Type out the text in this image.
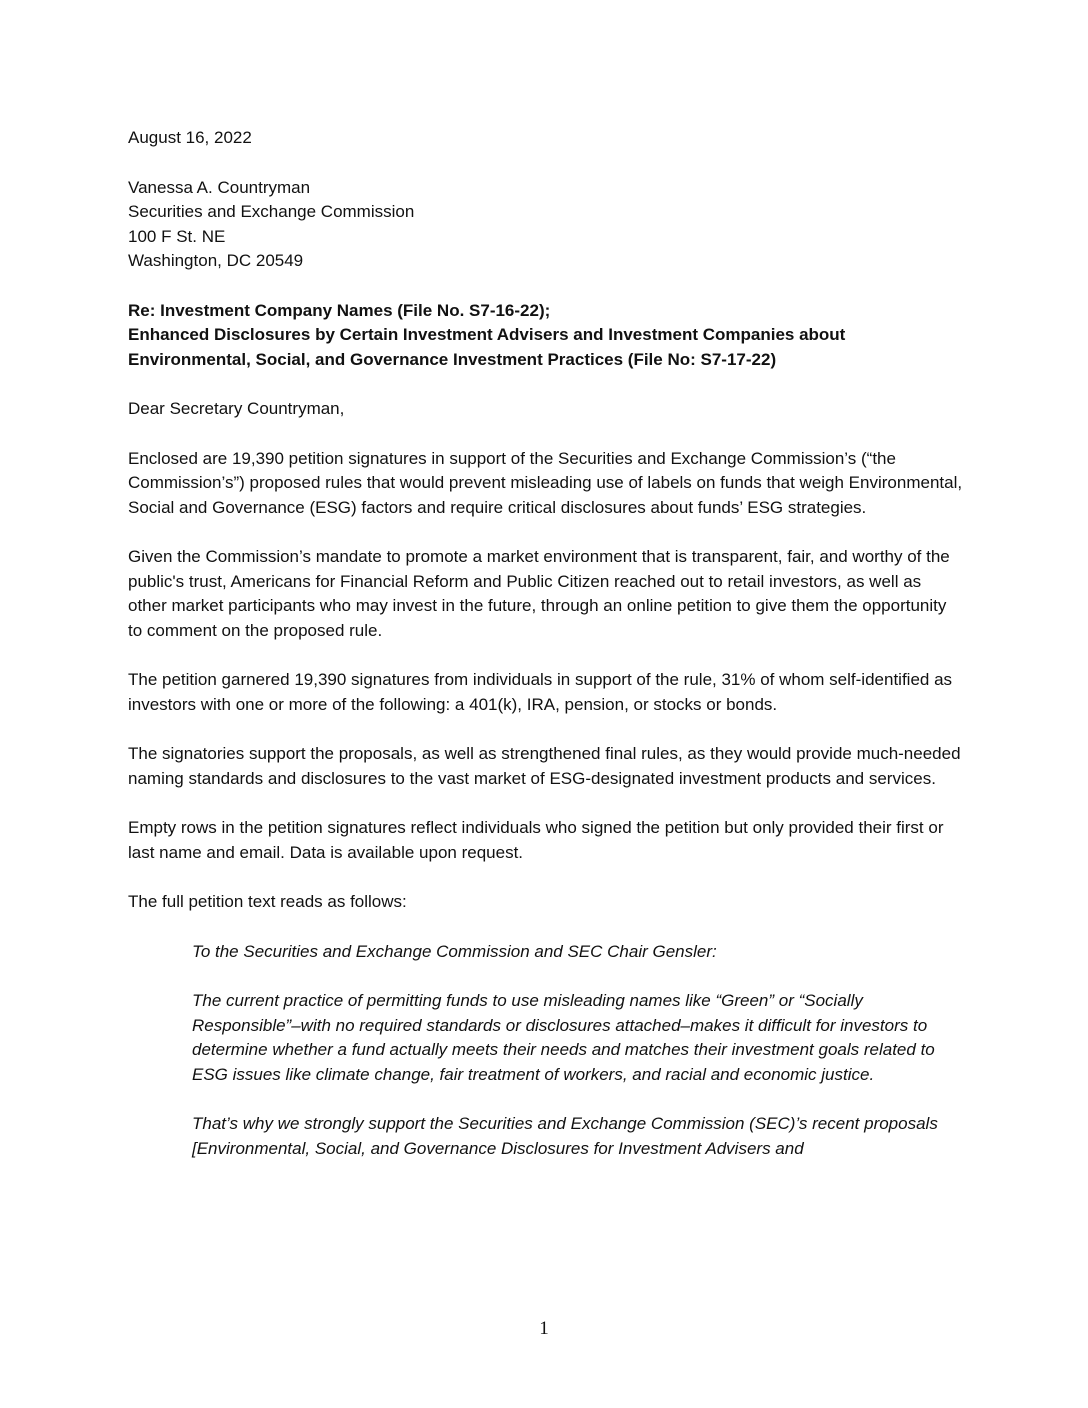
August 16, 2022

Vanessa A. Countryman
Securities and Exchange Commission
100 F St. NE
Washington, DC 20549

Re: Investment Company Names (File No. S7-16-22);
Enhanced Disclosures by Certain Investment Advisers and Investment Companies about
Environmental, Social, and Governance Investment Practices (File No: S7-17-22)

Dear Secretary Countryman,

Enclosed are 19,390 petition signatures in support of the Securities and Exchange Commission’s (“the Commission’s”) proposed rules that would prevent misleading use of labels on funds that weigh Environmental, Social and Governance (ESG) factors and require critical disclosures about funds’ ESG strategies.

Given the Commission’s mandate to promote a market environment that is transparent, fair, and worthy of the public's trust, Americans for Financial Reform and Public Citizen reached out to retail investors, as well as other market participants who may invest in the future, through an online petition to give them the opportunity to comment on the proposed rule.

The petition garnered 19,390 signatures from individuals in support of the rule, 31% of whom self-identified as investors with one or more of the following: a 401(k), IRA, pension, or stocks or bonds.

The signatories support the proposals, as well as strengthened final rules, as they would provide much-needed naming standards and disclosures to the vast market of ESG-designated investment products and services.

Empty rows in the petition signatures reflect individuals who signed the petition but only provided their first or last name and email. Data is available upon request.

The full petition text reads as follows:

To the Securities and Exchange Commission and SEC Chair Gensler:

The current practice of permitting funds to use misleading names like “Green” or “Socially Responsible”–with no required standards or disclosures attached–makes it difficult for investors to determine whether a fund actually meets their needs and matches their investment goals related to ESG issues like climate change, fair treatment of workers, and racial and economic justice.

That’s why we strongly support the Securities and Exchange Commission (SEC)’s recent proposals [Environmental, Social, and Governance Disclosures for Investment Advisers and

1
